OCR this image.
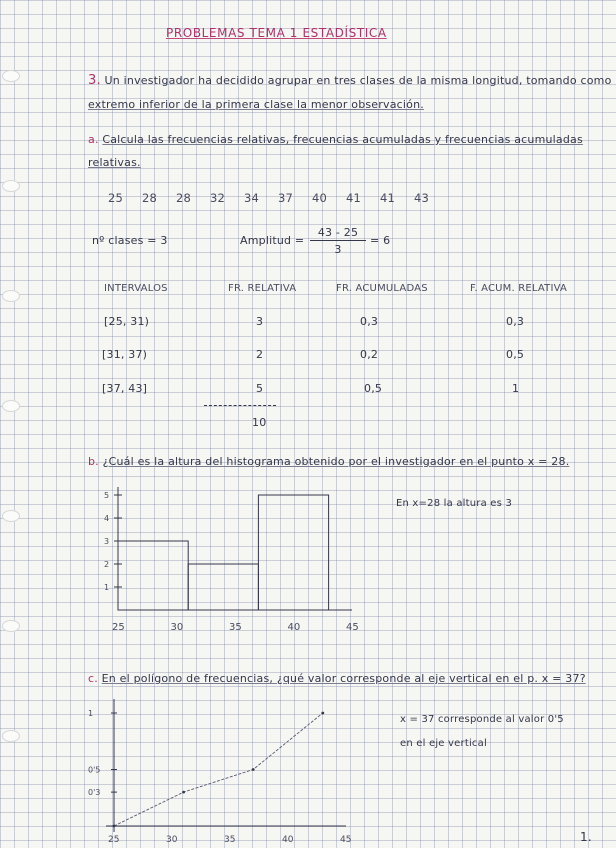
PROBLEMAS TEMA 1 ESTADÍSTICA
3. Un investigador ha decidido agrupar en tres clases de la misma longitud, tomando como
extremo inferior de la primera clase la menor observación.
a. Calcula las frecuencias relativas, frecuencias acumuladas y frecuencias acumuladas
relativas.
25 28 28 32 34 37 40 41 41 43
nº clases = 3	Amplitud = $\frac{43 - 25}{3} = 6$
INTERVALOS	FR. RELATIVA	FR. ACUMULADAS	F. ACUM. RELATIVA
[25, 31)	3	0,3	0,3
[31, 37)	2	0,2	0,5
[37, 43]	5	0,5	1
10
b. ¿Cuál es la altura del histograma obtenido por el investigador en el punto x = 28.
25	30	35	40	45
5
4
3
2
1
En x=28 la altura es 3
c. En el polígono de frecuencias, ¿qué valor corresponde al eje vertical en el p. x = 37?
25	30	35	40	45
1
0'5
0'3
x = 37 corresponde al valor 0'5
en el eje vertical
1.
